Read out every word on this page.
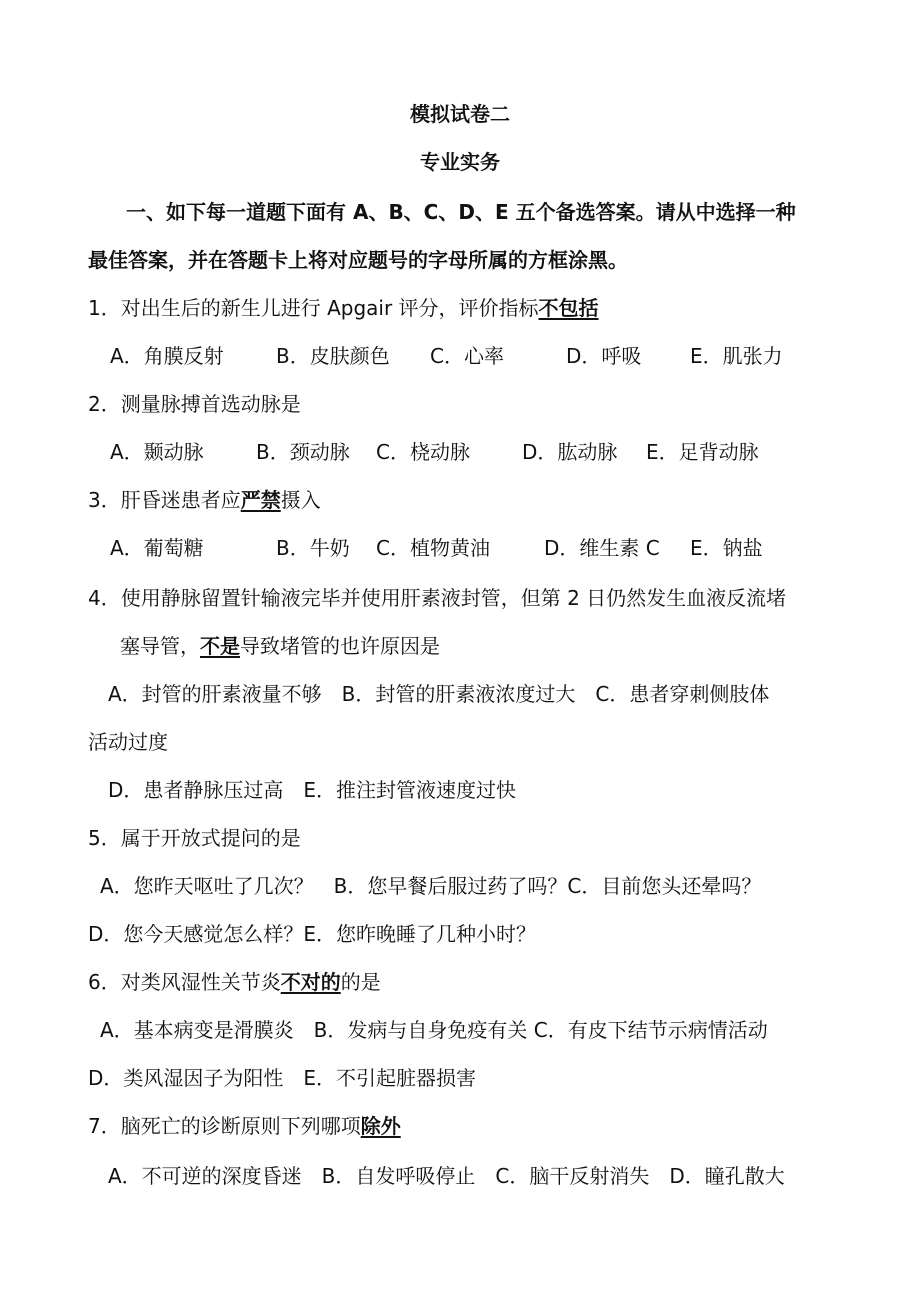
模拟试卷二
专业实务
一、如下每一道题下面有 A、B、C、D、E 五个备选答案。请从中选择一种
最佳答案，并在答题卡上将对应题号的字母所属的方框涂黑。
1．对出生后的新生儿进行 Apgair 评分，评价指标不包括
A．角膜反射	B．皮肤颜色 C．心率	D．呼吸 E．肌张力
2．测量脉搏首选动脉是
A．颞动脉	B．颈动脉 C．桡动脉	D．肱动脉 E．足背动脉
3．肝昏迷患者应严禁摄入
A．葡萄糖	B．牛奶 C．植物黄油	D．维生素 C E．钠盐
4．使用静脉留置针输液完毕并使用肝素液封管，但第 2 日仍然发生血液反流堵
塞导管，不是导致堵管的也许原因是
A．封管的肝素液量不够　B．封管的肝素液浓度过大　C．患者穿刺侧肢体
活动过度
D．患者静脉压过高　E．推注封管液速度过快
5．属于开放式提问的是
A．您昨天呕吐了几次？　B．您早餐后服过药了吗？C．目前您头还晕吗？
D．您今天感觉怎么样？E．您昨晚睡了几种小时？
6．对类风湿性关节炎不对的的是
A．基本病变是滑膜炎　B．发病与自身免疫有关 C．有皮下结节示病情活动
D．类风湿因子为阳性　E．不引起脏器损害
7．脑死亡的诊断原则下列哪项除外
A．不可逆的深度昏迷　B．自发呼吸停止　C．脑干反射消失　D．瞳孔散大
